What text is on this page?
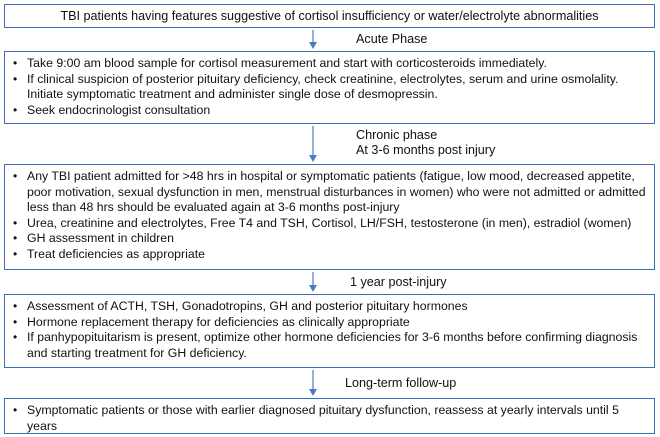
TBI patients having features suggestive of cortisol insufficiency or water/electrolyte abnormalities
Acute Phase
• Take 9:00 am blood sample for cortisol measurement and start with corticosteroids immediately.
• If clinical suspicion of posterior pituitary deficiency, check creatinine, electrolytes, serum and urine osmolality. Initiate symptomatic treatment and administer single dose of desmopressin.
• Seek endocrinologist consultation
Chronic phase
At 3-6 months post injury
• Any TBI patient admitted for >48 hrs in hospital or symptomatic patients (fatigue, low mood, decreased appetite, poor motivation, sexual dysfunction in men, menstrual disturbances in women) who were not admitted or admitted less than 48 hrs should be evaluated again at 3-6 months post-injury
• Urea, creatinine and electrolytes, Free T4 and TSH, Cortisol, LH/FSH, testosterone (in men), estradiol (women)
• GH assessment in children
• Treat deficiencies as appropriate
1 year post-injury
• Assessment of ACTH, TSH, Gonadotropins, GH and posterior pituitary hormones
• Hormone replacement therapy for deficiencies as clinically appropriate
• If panhypopituitarism is present, optimize other hormone deficiencies for 3-6 months before confirming diagnosis and starting treatment for GH deficiency.
Long-term follow-up
• Symptomatic patients or those with earlier diagnosed pituitary dysfunction, reassess at yearly intervals until 5 years
